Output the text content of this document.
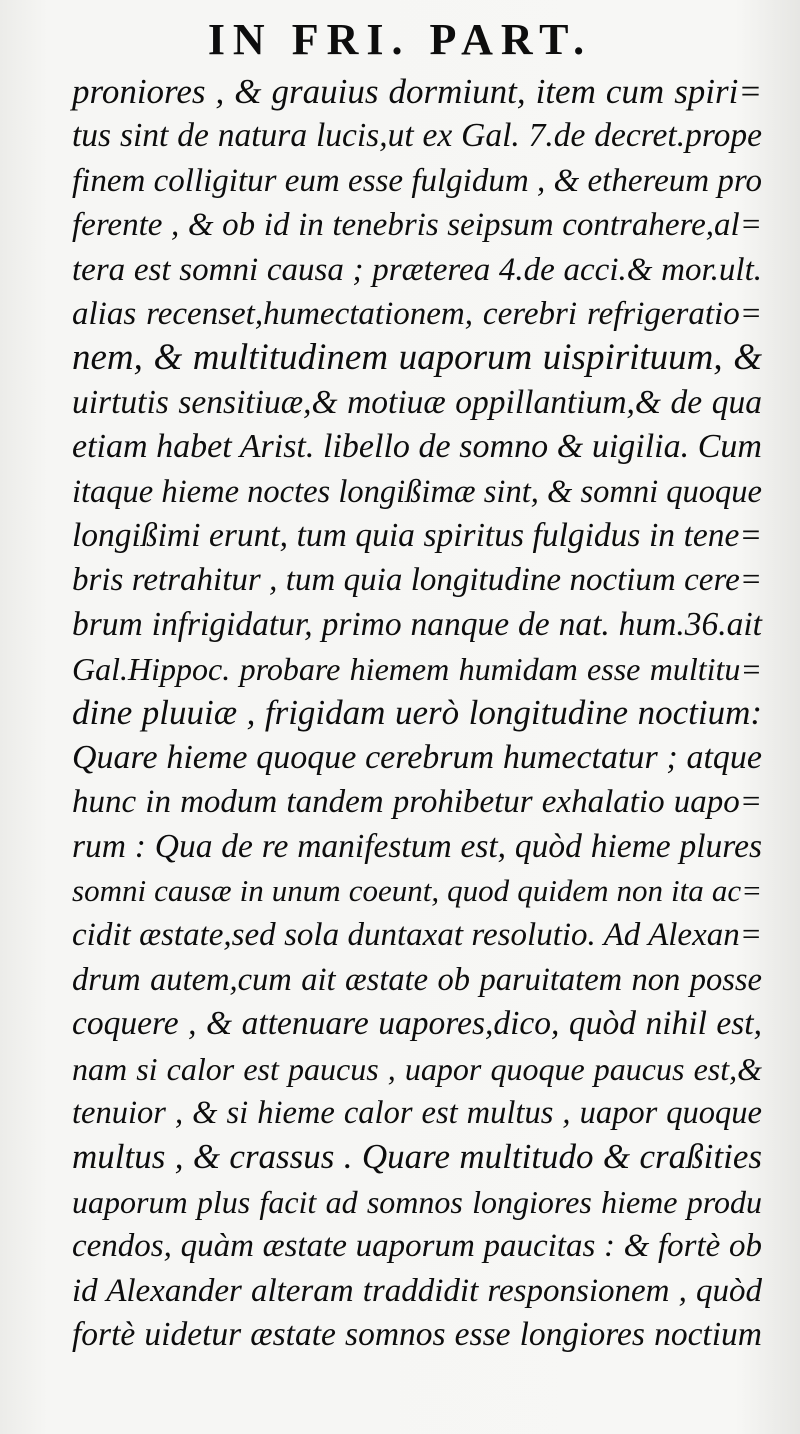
IN FRI. PART.
proniores , & grauius dormiunt, item cum spiri=
tus sint de natura lucis,ut ex Gal. 7.de decret.prope
finem colligitur eum esse fulgidum , & ethereum pro
ferente , & ob id in tenebris seipsum contrahere,al=
tera est somni causa ; præterea 4.de acci.& mor.ult.
alias recenset,humectationem, cerebri refrigeratio=
nem, & multitudinem uaporum uispirituum, &
uirtutis sensitiuæ,& motiuæ oppillantium,& de qua
etiam habet Arist. libello de somno & uigilia. Cum
itaque hieme noctes longißimæ sint, & somni quoque
longißimi erunt, tum quia spiritus fulgidus in tene=
bris retrahitur , tum quia longitudine noctium cere=
brum infrigidatur, primo nanque de nat. hum.36.ait
Gal.Hippoc. probare hiemem humidam esse multitu=
dine pluuiæ , frigidam uerò longitudine noctium:
Quare hieme quoque cerebrum humectatur ; atque
hunc in modum tandem prohibetur exhalatio uapo=
rum : Qua de re manifestum est, quòd hieme plures
somni causæ in unum coeunt, quod quidem non ita ac=
cidit æstate,sed sola duntaxat resolutio. Ad Alexan=
drum autem,cum ait æstate ob paruitatem non posse
coquere , & attenuare uapores,dico, quòd nihil est,
nam si calor est paucus , uapor quoque paucus est,&
tenuior , & si hieme calor est multus , uapor quoque
multus , & crassus . Quare multitudo & craßities
uaporum plus facit ad somnos longiores hieme produ
cendos, quàm æstate uaporum paucitas : & fortè ob
id Alexander alteram traddidit responsionem , quòd
fortè uidetur æstate somnos esse longiores noctium
